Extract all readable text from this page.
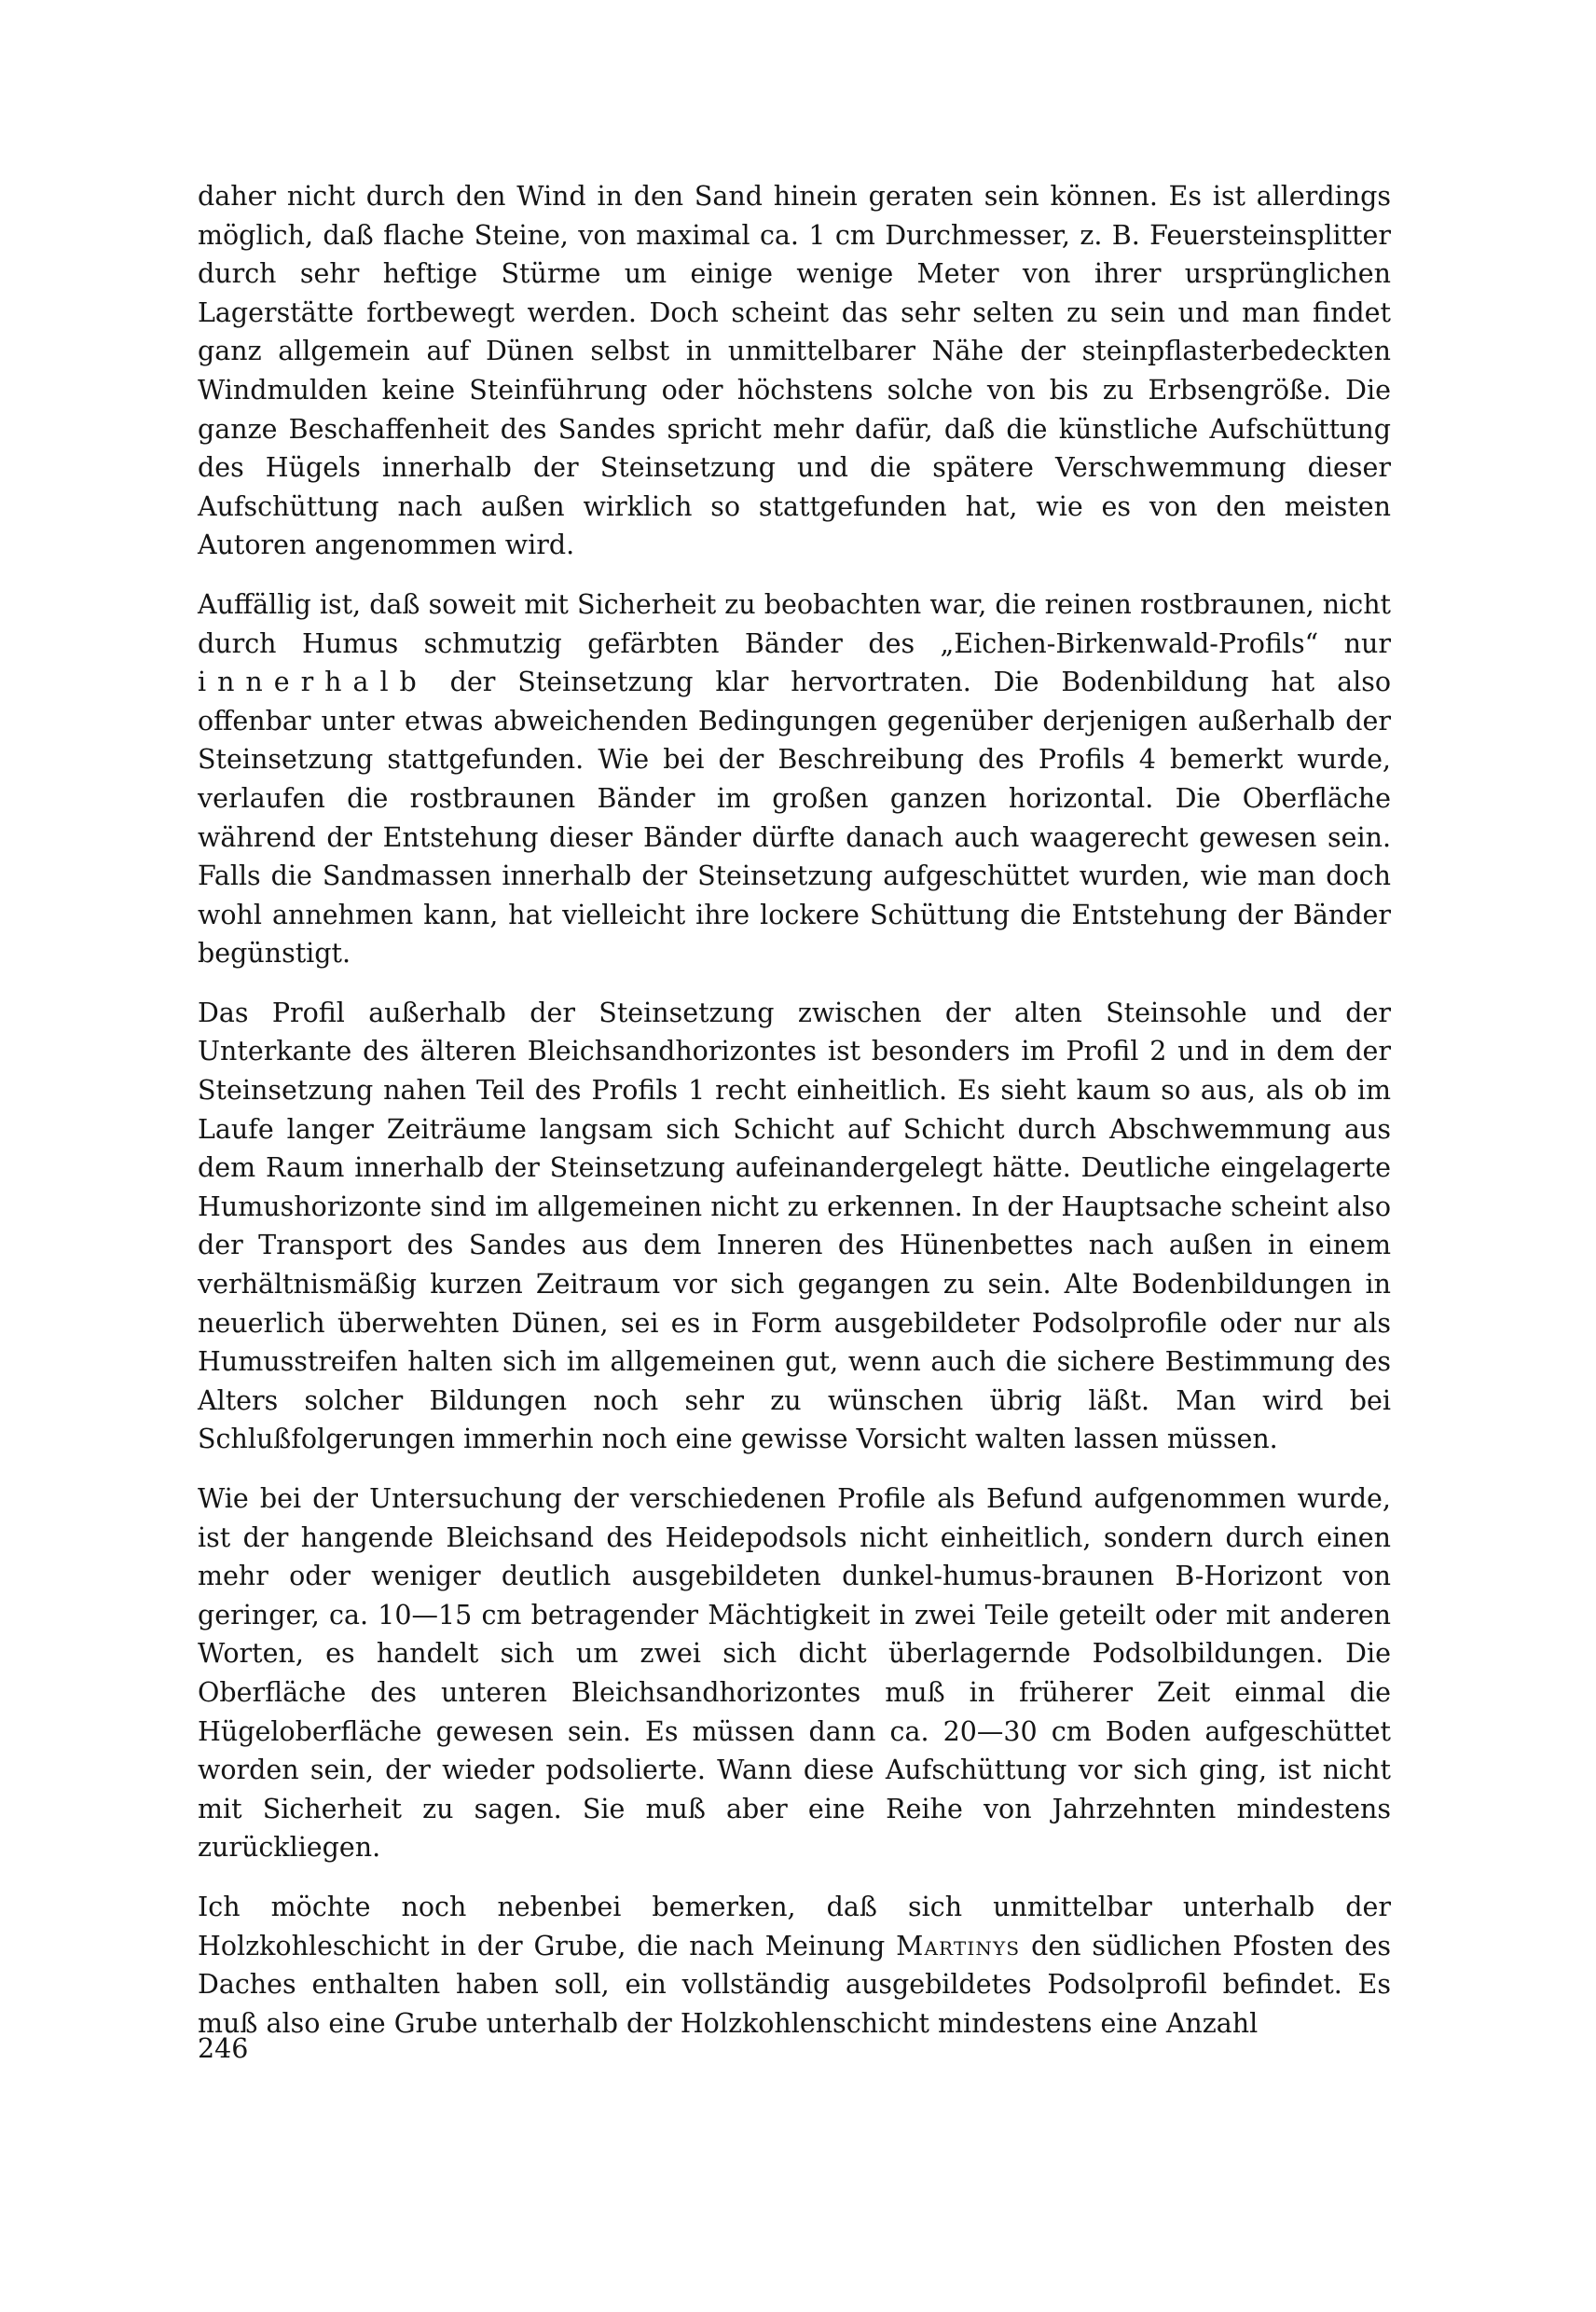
daher nicht durch den Wind in den Sand hinein geraten sein können. Es ist allerdings möglich, daß flache Steine, von maximal ca. 1 cm Durchmesser, z. B. Feuersteinsplitter durch sehr heftige Stürme um einige wenige Meter von ihrer ursprünglichen Lagerstätte fortbewegt werden. Doch scheint das sehr selten zu sein und man findet ganz allgemein auf Dünen selbst in unmittelbarer Nähe der steinpflasterbedeckten Windmulden keine Steinführung oder höchstens solche von bis zu Erbsengröße. Die ganze Beschaffenheit des Sandes spricht mehr dafür, daß die künstliche Aufschüttung des Hügels innerhalb der Steinsetzung und die spätere Verschwemmung dieser Aufschüttung nach außen wirklich so stattgefunden hat, wie es von den meisten Autoren angenommen wird.

Auffällig ist, daß soweit mit Sicherheit zu beobachten war, die reinen rostbraunen, nicht durch Humus schmutzig gefärbten Bänder des „Eichen-Birkenwald-Profils“ nur innerhalb der Steinsetzung klar hervortraten. Die Bodenbildung hat also offenbar unter etwas abweichenden Bedingungen gegenüber derjenigen außerhalb der Steinsetzung stattgefunden. Wie bei der Beschreibung des Profils 4 bemerkt wurde, verlaufen die rostbraunen Bänder im großen ganzen horizontal. Die Oberfläche während der Entstehung dieser Bänder dürfte danach auch waagerecht gewesen sein. Falls die Sandmassen innerhalb der Steinsetzung aufgeschüttet wurden, wie man doch wohl annehmen kann, hat vielleicht ihre lockere Schüttung die Entstehung der Bänder begünstigt.

Das Profil außerhalb der Steinsetzung zwischen der alten Steinsohle und der Unterkante des älteren Bleichsandhorizontes ist besonders im Profil 2 und in dem der Steinsetzung nahen Teil des Profils 1 recht einheitlich. Es sieht kaum so aus, als ob im Laufe langer Zeiträume langsam sich Schicht auf Schicht durch Abschwemmung aus dem Raum innerhalb der Steinsetzung aufeinandergelegt hätte. Deutliche eingelagerte Humushorizonte sind im allgemeinen nicht zu erkennen. In der Hauptsache scheint also der Transport des Sandes aus dem Inneren des Hünenbettes nach außen in einem verhältnismäßig kurzen Zeitraum vor sich gegangen zu sein. Alte Bodenbildungen in neuerlich überwehten Dünen, sei es in Form ausgebildeter Podsolprofile oder nur als Humusstreifen halten sich im allgemeinen gut, wenn auch die sichere Bestimmung des Alters solcher Bildungen noch sehr zu wünschen übrig läßt. Man wird bei Schlußfolgerungen immerhin noch eine gewisse Vorsicht walten lassen müssen.

Wie bei der Untersuchung der verschiedenen Profile als Befund aufgenommen wurde, ist der hangende Bleichsand des Heidepodsols nicht einheitlich, sondern durch einen mehr oder weniger deutlich ausgebildeten dunkel-humus-braunen B-Horizont von geringer, ca. 10—15 cm betragender Mächtigkeit in zwei Teile geteilt oder mit anderen Worten, es handelt sich um zwei sich dicht überlagernde Podsolbildungen. Die Oberfläche des unteren Bleichsandhorizontes muß in früherer Zeit einmal die Hügeloberfläche gewesen sein. Es müssen dann ca. 20—30 cm Boden aufgeschüttet worden sein, der wieder podsolierte. Wann diese Aufschüttung vor sich ging, ist nicht mit Sicherheit zu sagen. Sie muß aber eine Reihe von Jahrzehnten mindestens zurückliegen.

Ich möchte noch nebenbei bemerken, daß sich unmittelbar unterhalb der Holzkohleschicht in der Grube, die nach Meinung Martinys den südlichen Pfosten des Daches enthalten haben soll, ein vollständig ausgebildetes Podsolprofil befindet. Es muß also eine Grube unterhalb der Holzkohlenschicht mindestens eine Anzahl

246
